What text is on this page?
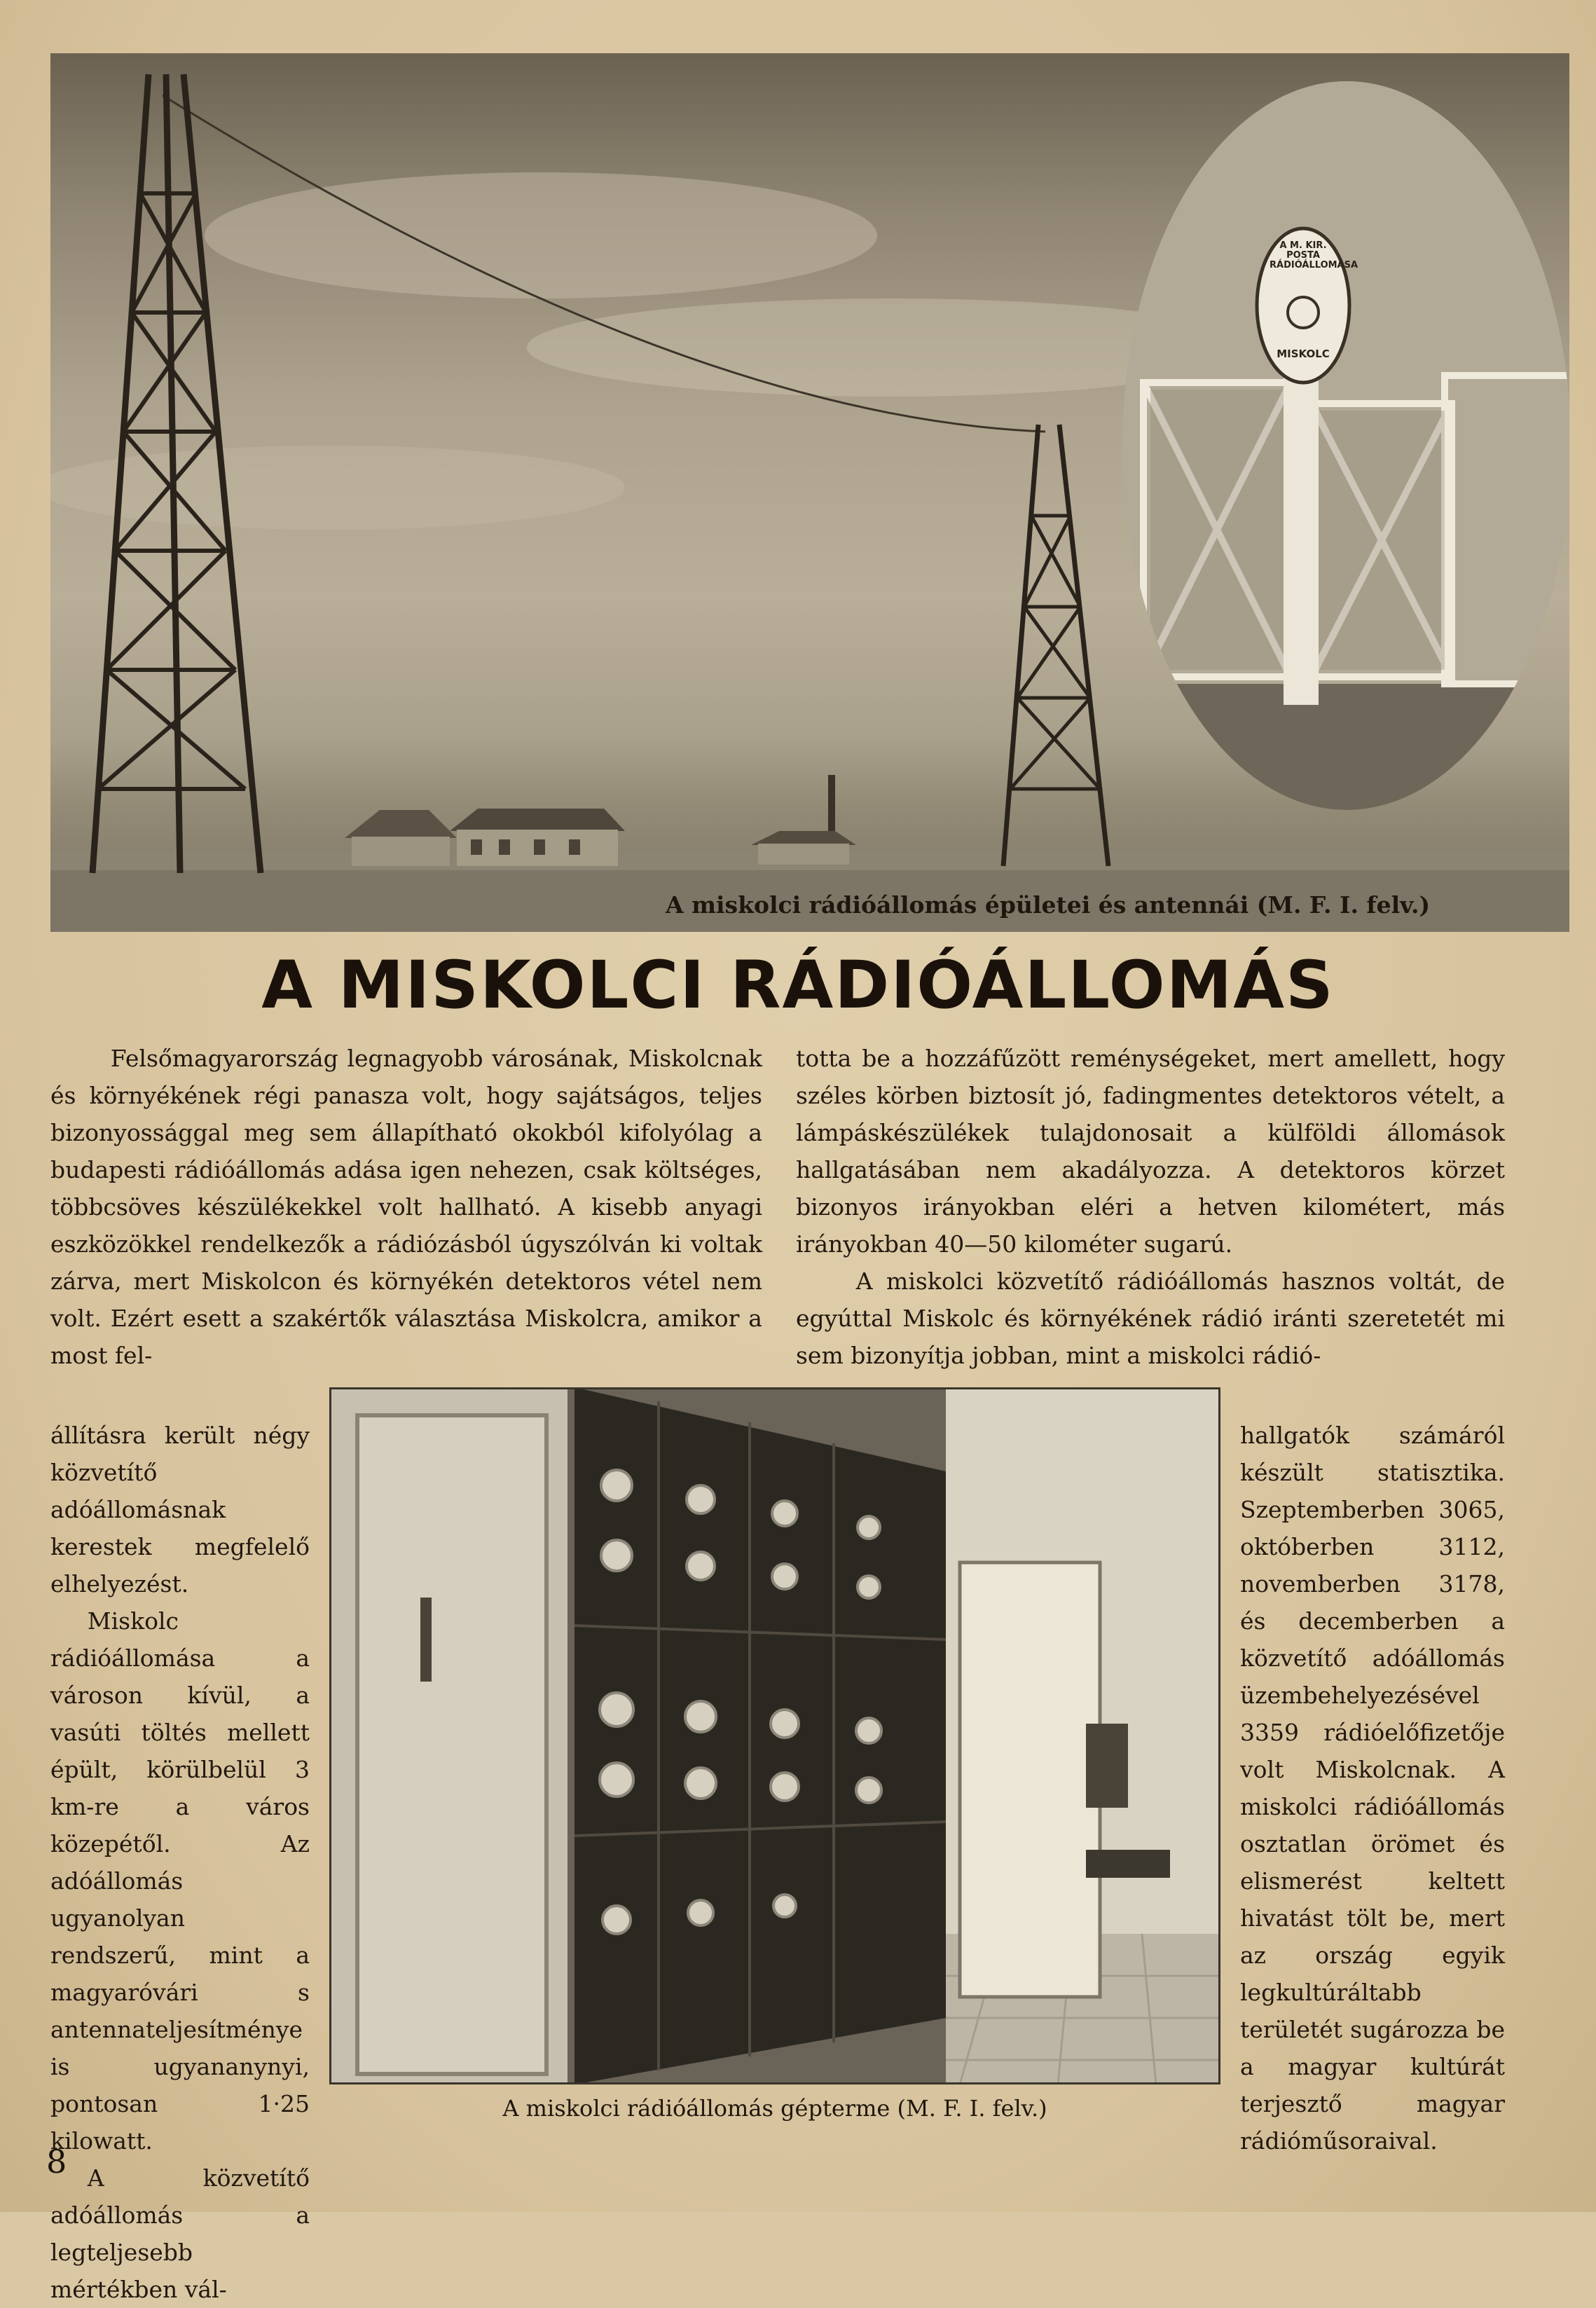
A M. KIR. POSTA RÁDIÓÁLLOMÁSA
MISKOLC
A miskolci rádióállomás épületei és antennái (M. F. I. felv.)
A MISKOLCI RÁDIÓÁLLOMÁS

Felsőmagyarország legnagyobb városának, Miskolcnak és környékének régi panasza volt, hogy sajátságos, teljes bizonyossággal meg sem állapítható okokból kifolyólag a budapesti rádióállomás adása igen nehezen, csak költséges, többcsöves készülékekkel volt hallható. A kisebb anyagi eszközökkel rendelkezők a rádiózásból úgyszólván ki voltak zárva, mert Miskolcon és környékén detektoros vétel nem volt. Ezért esett a szakértők választása Miskolcra, amikor a most fel-

totta be a hozzáfűzött reménységeket, mert amellett, hogy széles körben biztosít jó, fadingmentes detektoros vételt, a lámpáskészülékek tulajdonosait a külföldi állomások hallgatásában nem akadályozza. A detektoros körzet bizonyos irányokban eléri a hetven kilométert, más irányokban 40—50 kilométer sugarú.

A miskolci közvetítő rádióállomás hasznos voltát, de egyúttal Miskolc és környékének rádió iránti szeretetét mi sem bizonyítja jobban, mint a miskolci rádió-

állításra került négy közvetítő adóállomásnak kerestek megfelelő elhelyezést.

Miskolc rádióállomása a városon kívül, a vasúti töltés mellett épült, körülbelül 3 km-re a város közepétől. Az adóállomás ugyanolyan rendszerű, mint a magyaróvári s antennateljesítménye is ugyananynyi, pontosan 1·25 kilowatt.

A közvetítő adóállomás a legteljesebb mértékben vál-

A miskolci rádióállomás gépterme (M. F. I. felv.)

hallgatók számáról készült statisztika. Szeptemberben 3065, októberben 3112, novemberben 3178, és decemberben a közvetítő adóállomás üzembehelyezésével 3359 rádióelőfizetője volt Miskolcnak. A miskolci rádióállomás osztatlan örömet és elismerést keltett hivatást tölt be, mert az ország egyik legkultúráltabb területét sugározza be a magyar kultúrát terjesztő magyar rádióműsoraival.

8
